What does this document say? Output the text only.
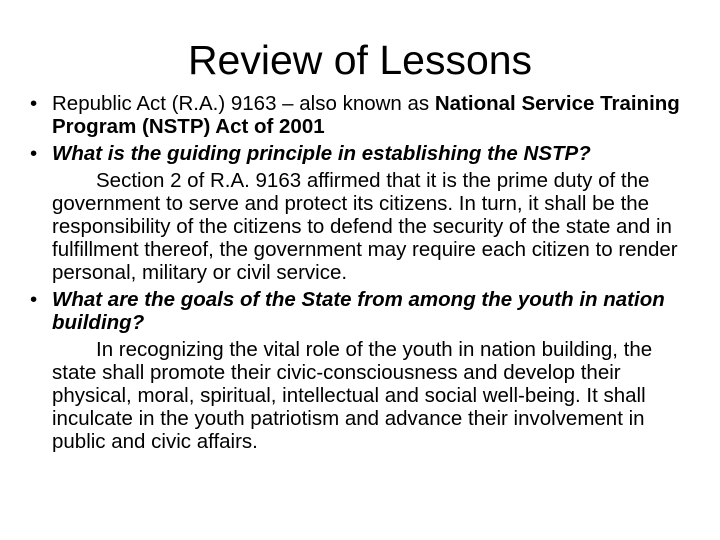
Review of Lessons
• Republic Act (R.A.) 9163 – also known as National Service Training Program (NSTP) Act of 2001
• What is the guiding principle in establishing the NSTP?
Section 2 of R.A. 9163 affirmed that it is the prime duty of the government to serve and protect its citizens. In turn, it shall be the responsibility of the citizens to defend the security of the state and in fulfillment thereof, the government may require each citizen to render personal, military or civil service.
• What are the goals of the State from among the youth in nation building?
In recognizing the vital role of the youth in nation building, the state shall promote their civic-consciousness and develop their physical, moral, spiritual, intellectual and social well-being. It shall inculcate in the youth patriotism and advance their involvement in public and civic affairs.
